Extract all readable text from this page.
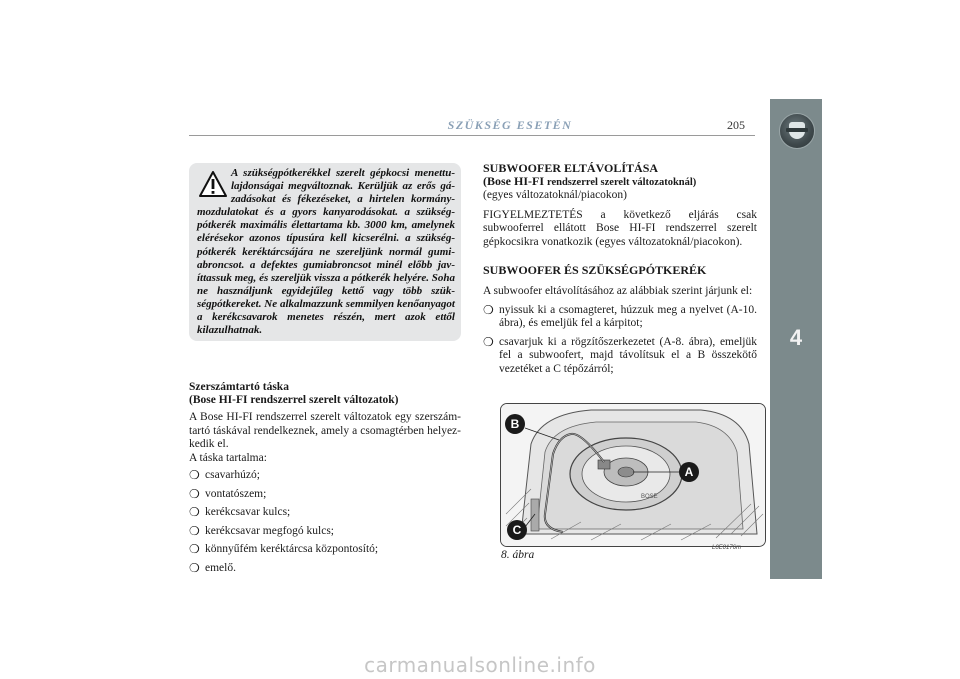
SZÜKSÉG ESETÉN	205
4
A szükségpótkerékkel szerelt gépkocsi menettulajdonságai megváltoznak. Kerüljük az erős gázadásokat és fékezéseket, a hirtelen kormánymozdulatokat és a gyors kanyarodásokat. a szükségpótkerék maximális élettartama kb. 3000 km, amelynek elérésekor azonos típusúra kell kicserélni. a szükségpótkerék keréktárcsájára ne szereljünk normál gumiabroncsot. a defektes gumiabroncsot minél előbb javíttassuk meg, és szereljük vissza a pótkerék helyére. Soha ne használjunk egyidejűleg kettő vagy több szükségpótkereket. Ne alkalmazzunk semmilyen kenőanyagot a kerékcsavarok menetes részén, mert azok ettől kilazulhatnak.
Szerszámtartó táska
(Bose HI-FI rendszerrel szerelt változatok)
A Bose HI-FI rendszerrel szerelt változatok egy szerszámtartó táskával rendelkeznek, amely a csomagtérben helyezkedik el.
A táska tartalma:
❍ csavarhúzó;
❍ vontatószem;
❍ kerékcsavar kulcs;
❍ kerékcsavar megfogó kulcs;
❍ könnyűfém keréktárcsa központosító;
❍ emelő.
SUBWOOFER ELTÁVOLÍTÁSA
(Bose HI-FI rendszerrel szerelt változatoknál)
(egyes változatoknál/piacokon)
FIGYELMEZTETÉS a következő eljárás csak subwooferrel ellátott Bose HI-FI rendszerrel szerelt gépkocsikra vonatkozik (egyes változatoknál/piacokon).
SUBWOOFER ÉS SZÜKSÉGPÓTKERÉK
A subwoofer eltávolításához az alábbiak szerint járjunk el:
❍ nyissuk ki a csomagteret, húzzuk meg a nyelvet (A-10. ábra), és emeljük fel a kárpitot;
❍ csavarjuk ki a rögzítőszerkezetet (A-8. ábra), emeljük fel a subwoofert, majd távolítsuk el a B összekötő vezetéket a C tépőzárról;
BOSE
B
C
A
8. ábra
L0E0176m
carmanualsonline.info
